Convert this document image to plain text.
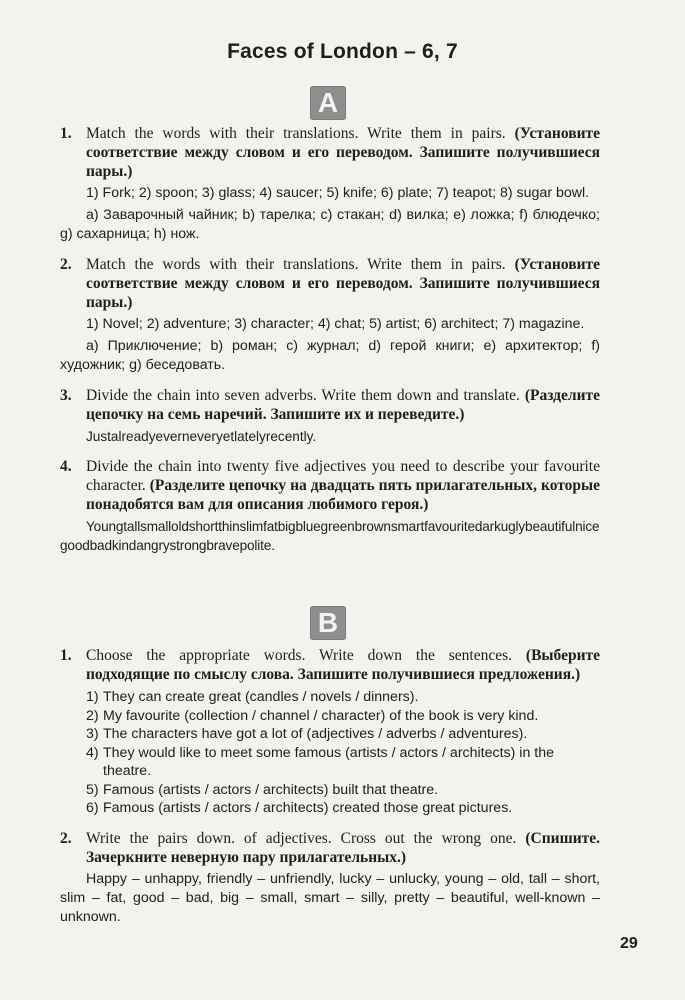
Faces of London – 6, 7
A
1. Match the words with their translations. Write them in pairs. (Установите соответствие между словом и его переводом. Запишите получившиеся пары.)
1) Fork; 2) spoon; 3) glass; 4) saucer; 5) knife; 6) plate; 7) teapot; 8) sugar bowl.
a) Заварочный чайник; b) тарелка; c) стакан; d) вилка; e) ложка; f) блюдечко; g) сахарница; h) нож.
2. Match the words with their translations. Write them in pairs. (Установите соответствие между словом и его переводом. Запишите получившиеся пары.)
1) Novel; 2) adventure; 3) character; 4) chat; 5) artist; 6) architect; 7) magazine.
a) Приключение; b) роман; c) журнал; d) герой книги; e) архитектор; f) художник; g) беседовать.
3. Divide the chain into seven adverbs. Write them down and translate. (Разделите цепочку на семь наречий. Запишите их и переведите.)
Justalreadyeverneveryetlatelyrecently.
4. Divide the chain into twenty five adjectives you need to describe your favourite character. (Разделите цепочку на двадцать пять прилагательных, которые понадобятся вам для описания любимого героя.)
Youngtallsmalloldshortthinslimfatbigbluegreenbrownsmartfavouritedarkuglybeautifulnicegoodbadkindangrystrongbravepolite.
B
1. Choose the appropriate words. Write down the sentences. (Выберите подходящие по смыслу слова. Запишите получившиеся предложения.)
1) They can create great (candles / novels / dinners).
2) My favourite (collection / channel / character) of the book is very kind.
3) The characters have got a lot of (adjectives / adverbs / adventures).
4) They would like to meet some famous (artists / actors / architects) in the theatre.
5) Famous (artists / actors / architects) built that theatre.
6) Famous (artists / actors / architects) created those great pictures.
2. Write the pairs down. of adjectives. Cross out the wrong one. (Спишите. Зачеркните неверную пару прилагательных.)
Happy – unhappy, friendly – unfriendly, lucky – unlucky, young – old, tall – short, slim – fat, good – bad, big – small, smart – silly, pretty – beautiful, well-known – unknown.
29
